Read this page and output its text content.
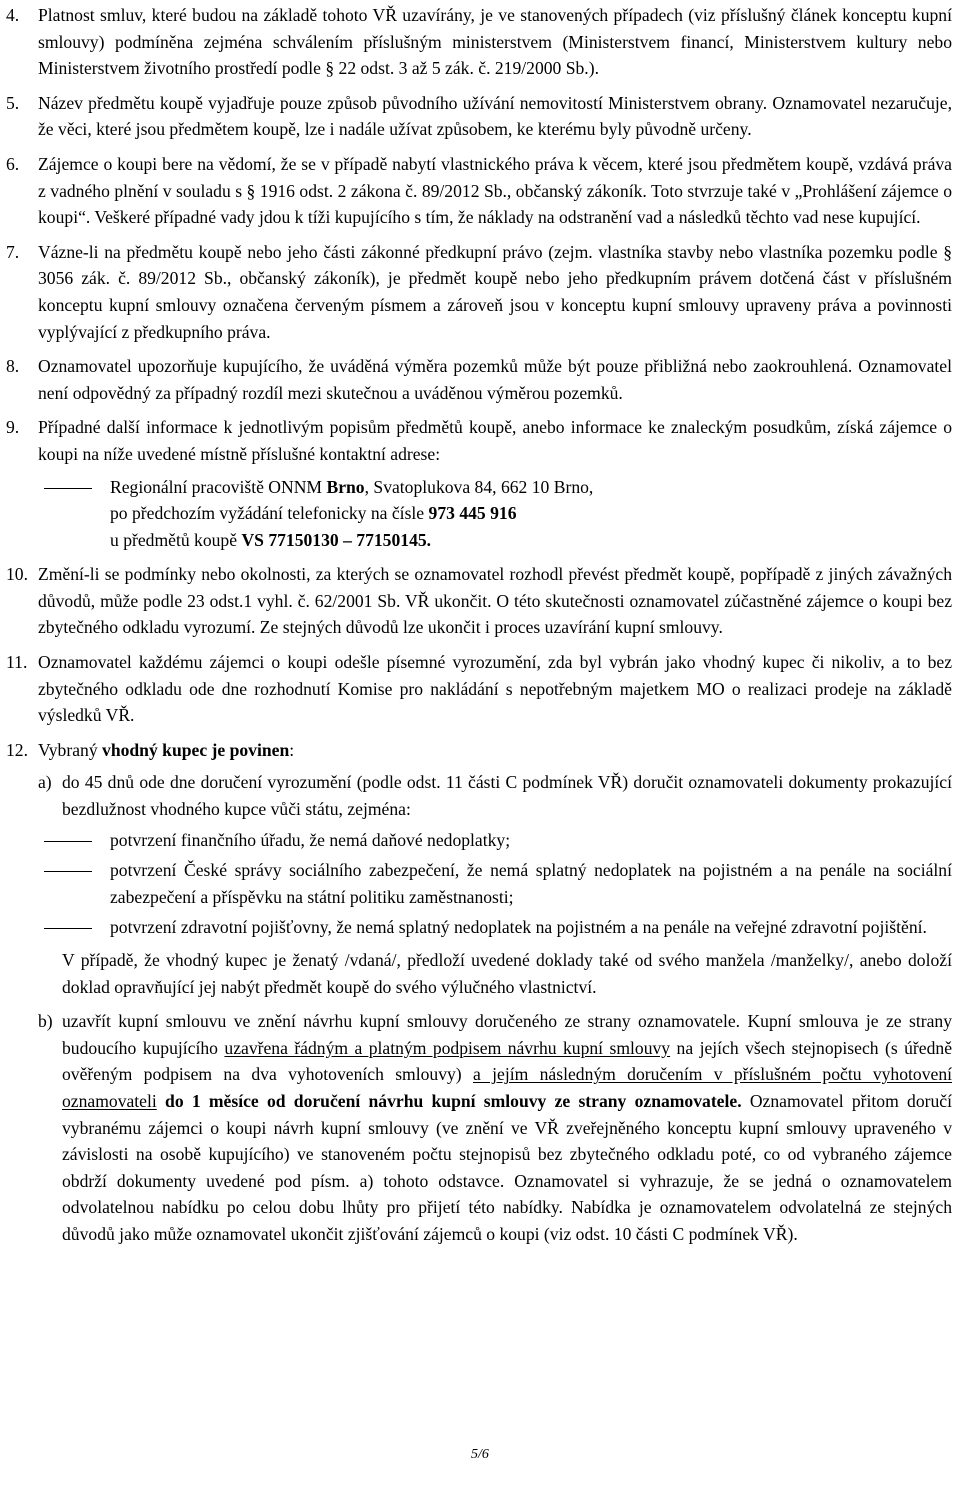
4. Platnost smluv, které budou na základě tohoto VŘ uzavírány, je ve stanovených případech (viz příslušný článek konceptu kupní smlouvy) podmíněna zejména schválením příslušným ministerstvem (Ministerstvem financí, Ministerstvem kultury nebo Ministerstvem životního prostředí podle § 22 odst. 3 až 5 zák. č. 219/2000 Sb.).

5. Název předmětu koupě vyjadřuje pouze způsob původního užívání nemovitostí Ministerstvem obrany. Oznamovatel nezaručuje, že věci, které jsou předmětem koupě, lze i nadále užívat způsobem, ke kterému byly původně určeny.

6. Zájemce o koupi bere na vědomí, že se v případě nabytí vlastnického práva k věcem, které jsou předmětem koupě, vzdává práva z vadného plnění v souladu s § 1916 odst. 2 zákona č. 89/2012 Sb., občanský zákoník. Toto stvrzuje také v „Prohlášení zájemce o koupi“. Veškeré případné vady jdou k tíži kupujícího s tím, že náklady na odstranění vad a následků těchto vad nese kupující.

7. Vázne-li na předmětu koupě nebo jeho části zákonné předkupní právo (zejm. vlastníka stavby nebo vlastníka pozemku podle § 3056 zák. č. 89/2012 Sb., občanský zákoník), je předmět koupě nebo jeho předkupním právem dotčená část v příslušném konceptu kupní smlouvy označena červeným písmem a zároveň jsou v konceptu kupní smlouvy upraveny práva a povinnosti vyplývající z předkupního práva.

8. Oznamovatel upozorňuje kupujícího, že uváděná výměra pozemků může být pouze přibližná nebo zaokrouhlená. Oznamovatel není odpovědný za případný rozdíl mezi skutečnou a uváděnou výměrou pozemků.

9. Případné další informace k jednotlivým popisům předmětů koupě, anebo informace ke znaleckým posudkům, získá zájemce o koupi na níže uvedené místně příslušné kontaktní adrese:

Regionální pracoviště ONNM Brno, Svatoplukova 84, 662 10 Brno,
po předchozím vyžádání telefonicky na čísle 973 445 916
u předmětů koupě VS 77150130 – 77150145.
10. Změní-li se podmínky nebo okolnosti, za kterých se oznamovatel rozhodl převést předmět koupě, popřípadě z jiných závažných důvodů, může podle 23 odst.1 vyhl. č. 62/2001 Sb. VŘ ukončit. O této skutečnosti oznamovatel zúčastněné zájemce o koupi bez zbytečného odkladu vyrozumí. Ze stejných důvodů lze ukončit i proces uzavírání kupní smlouvy.

11. Oznamovatel každému zájemci o koupi odešle písemné vyrozumění, zda byl vybrán jako vhodný kupec či nikoliv, a to bez zbytečného odkladu ode dne rozhodnutí Komise pro nakládání s nepotřebným majetkem MO o realizaci prodeje na základě výsledků VŘ.

12. Vybraný vhodný kupec je povinen:

a) do 45 dnů ode dne doručení vyrozumění (podle odst. 11 části C podmínek VŘ) doručit oznamovateli dokumenty prokazující bezdlužnost vhodného kupce vůči státu, zejména:

potvrzení finančního úřadu, že nemá daňové nedoplatky;
potvrzení České správy sociálního zabezpečení, že nemá splatný nedoplatek na pojistném a na penále na sociální zabezpečení a příspěvku na státní politiku zaměstnanosti;
potvrzení zdravotní pojišťovny, že nemá splatný nedoplatek na pojistném a na penále na veřejné zdravotní pojištění.
V případě, že vhodný kupec je ženatý /vdaná/, předloží uvedené doklady také od svého manžela /manželky/, anebo doloží doklad opravňující jej nabýt předmět koupě do svého výlučného vlastnictví.
b) uzavřít kupní smlouvu ve znění návrhu kupní smlouvy doručeného ze strany oznamovatele. Kupní smlouva je ze strany budoucího kupujícího uzavřena řádným a platným podpisem návrhu kupní smlouvy na jejích všech stejnopisech (s úředně ověřeným podpisem na dva vyhotoveních smlouvy) a jejím následným doručením v příslušném počtu vyhotovení oznamovateli do 1 měsíce od doručení návrhu kupní smlouvy ze strany oznamovatele. Oznamovatel přitom doručí vybranému zájemci o koupi návrh kupní smlouvy (ve znění ve VŘ zveřejněného konceptu kupní smlouvy upraveného v závislosti na osobě kupujícího) ve stanoveném počtu stejnopisů bez zbytečného odkladu poté, co od vybraného zájemce obdrží dokumenty uvedené pod písm. a) tohoto odstavce. Oznamovatel si vyhrazuje, že se jedná o oznamovatelem odvolatelnou nabídku po celou dobu lhůty pro přijetí této nabídky. Nabídka je oznamovatelem odvolatelná ze stejných důvodů jako může oznamovatel ukončit zjišťování zájemců o koupi (viz odst. 10 části C podmínek VŘ).

5/6
